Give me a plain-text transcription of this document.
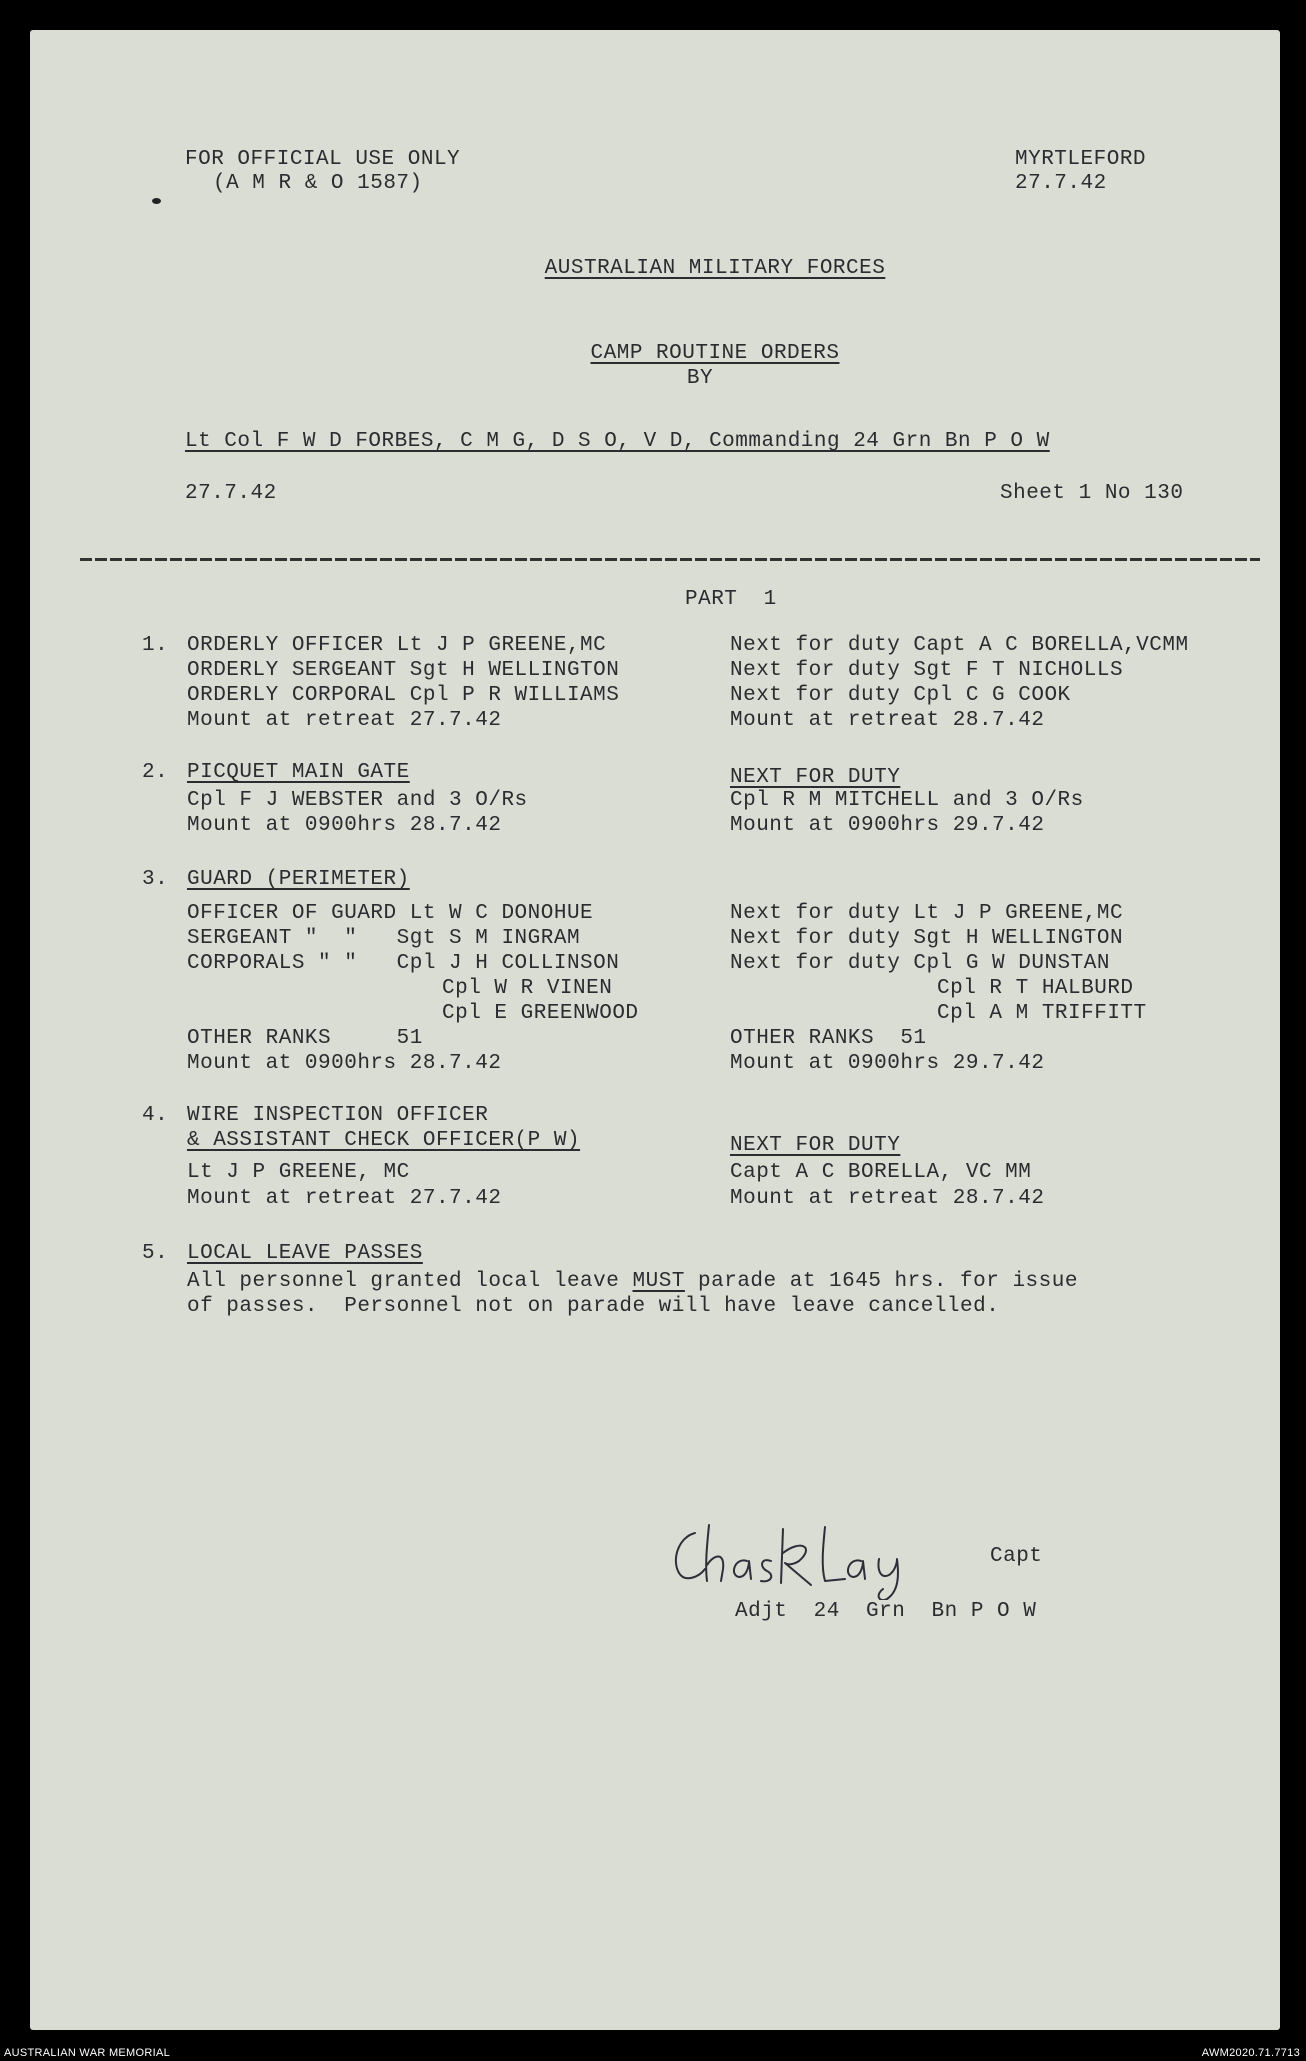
FOR OFFICIAL USE ONLY
(A M R & O 1587)
MYRTLEFORD
27.7.42
AUSTRALIAN MILITARY FORCES
CAMP ROUTINE ORDERS
BY
Lt Col F W D FORBES, C M G, D S O, V D, Commanding 24 Grn Bn P O W
27.7.42	Sheet 1 No 130
PART  1
1. ORDERLY OFFICER Lt J P GREENE,MC
ORDERLY SERGEANT Sgt H WELLINGTON
ORDERLY CORPORAL Cpl P R WILLIAMS
Mount at retreat 27.7.42
Next for duty Capt A C BORELLA,VCMM
Next for duty Sgt F T NICHOLLS
Next for duty Cpl C G COOK
Mount at retreat 28.7.42
2. PICQUET MAIN GATE
Cpl F J WEBSTER and 3 O/Rs
Mount at 0900hrs 28.7.42
NEXT FOR DUTY
Cpl R M MITCHELL and 3 O/Rs
Mount at 0900hrs 29.7.42
3. GUARD (PERIMETER)
OFFICER OF GUARD Lt W C DONOHUE
SERGEANT "  "   Sgt S M INGRAM
CORPORALS " "   Cpl J H COLLINSON
Cpl W R VINEN
Cpl E GREENWOOD
OTHER RANKS     51
Mount at 0900hrs 28.7.42
Next for duty Lt J P GREENE,MC
Next for duty Sgt H WELLINGTON
Next for duty Cpl G W DUNSTAN
Cpl R T HALBURD
Cpl A M TRIFFITT
OTHER RANKS  51
Mount at 0900hrs 29.7.42
4. WIRE INSPECTION OFFICER
& ASSISTANT CHECK OFFICER(P W)
Lt J P GREENE, MC
Mount at retreat 27.7.42
NEXT FOR DUTY
Capt A C BORELLA, VC MM
Mount at retreat 28.7.42
5. LOCAL LEAVE PASSES
All personnel granted local leave MUST parade at 1645 hrs. for issue
of passes.  Personnel not on parade will have leave cancelled.
Capt
Adjt  24  Grn  Bn P O W
AUSTRALIAN WAR MEMORIAL	AWM2020.71.7713
